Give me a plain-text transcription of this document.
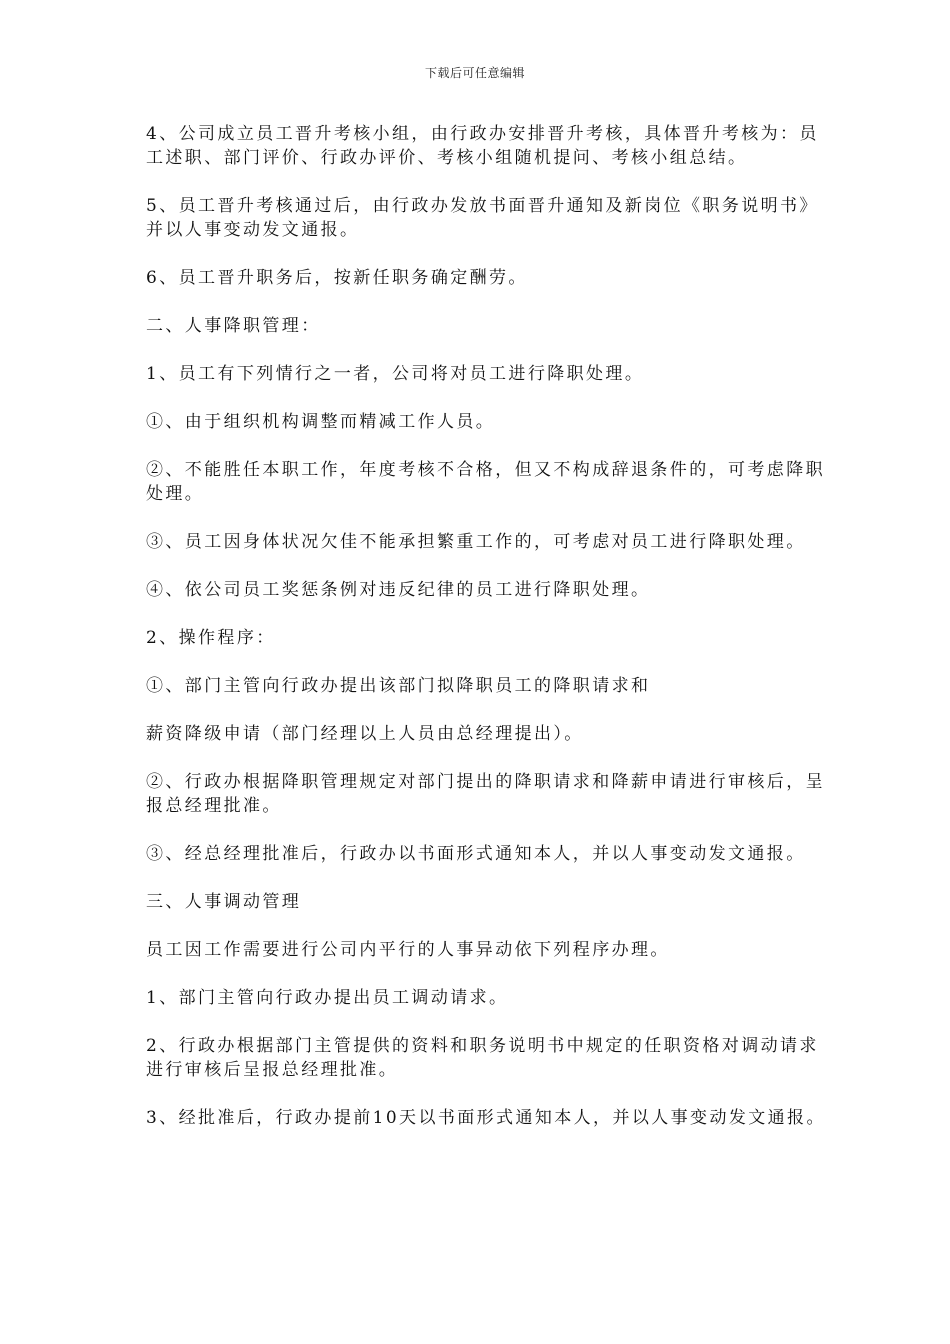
下载后可任意编辑

4、公司成立员工晋升考核小组，由行政办安排晋升考核，具体晋升考核为：员工述职、部门评价、行政办评价、考核小组随机提问、考核小组总结。

5、员工晋升考核通过后，由行政办发放书面晋升通知及新岗位《职务说明书》并以人事变动发文通报。

6、员工晋升职务后，按新任职务确定酬劳。

二、人事降职管理：

1、员工有下列情行之一者，公司将对员工进行降职处理。

①、由于组织机构调整而精减工作人员。

②、不能胜任本职工作，年度考核不合格，但又不构成辞退条件的，可考虑降职处理。

③、员工因身体状况欠佳不能承担繁重工作的，可考虑对员工进行降职处理。

④、依公司员工奖惩条例对违反纪律的员工进行降职处理。

2、操作程序：

①、部门主管向行政办提出该部门拟降职员工的降职请求和

薪资降级申请（部门经理以上人员由总经理提出）。

②、行政办根据降职管理规定对部门提出的降职请求和降薪申请进行审核后，呈报总经理批准。

③、经总经理批准后，行政办以书面形式通知本人，并以人事变动发文通报。

三、人事调动管理

员工因工作需要进行公司内平行的人事异动依下列程序办理。

1、部门主管向行政办提出员工调动请求。

2、行政办根据部门主管提供的资料和职务说明书中规定的任职资格对调动请求进行审核后呈报总经理批准。

3、经批准后，行政办提前10天以书面形式通知本人，并以人事变动发文通报。
